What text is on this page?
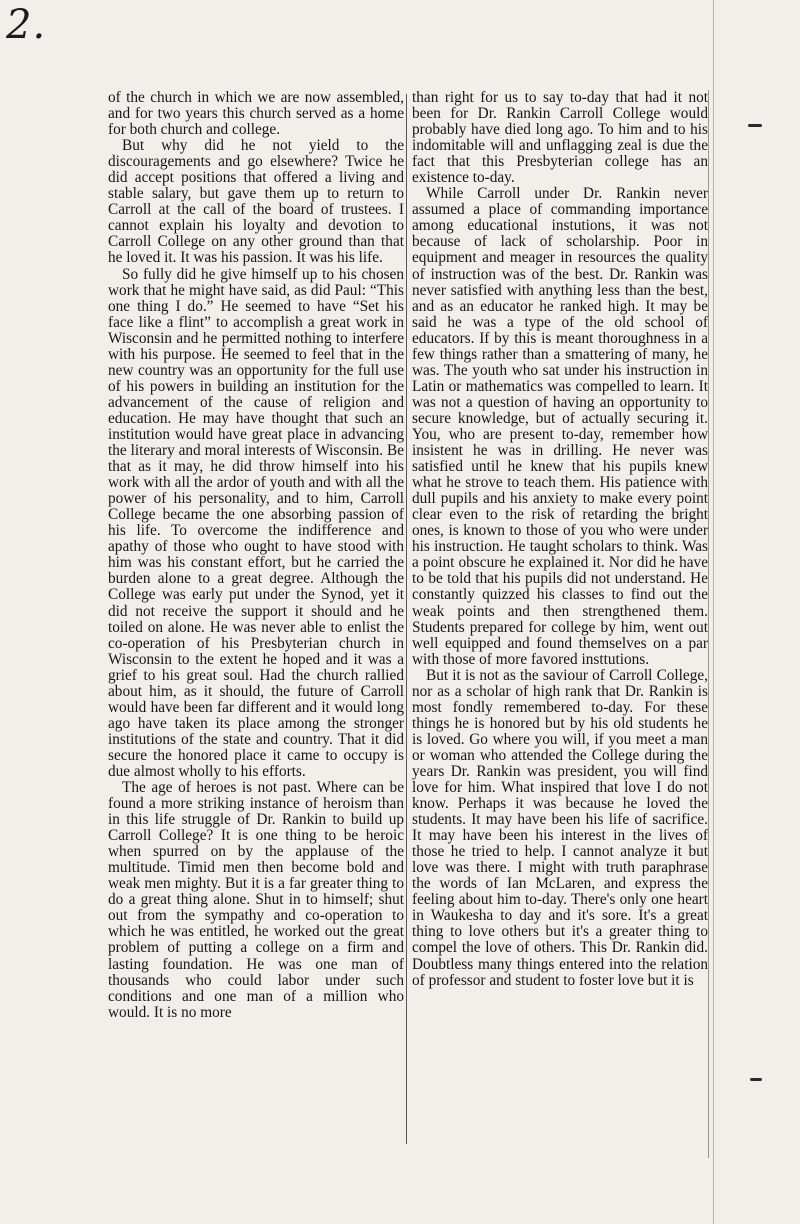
2.

of the church in which we are now assembled, and for two years this church served as a home for both church and college.

But why did he not yield to the discouragements and go elsewhere? Twice he did accept positions that offered a living and stable salary, but gave them up to return to Carroll at the call of the board of trustees. I cannot explain his loyalty and devotion to Carroll College on any other ground than that he loved it. It was his passion. It was his life.

So fully did he give himself up to his chosen work that he might have said, as did Paul: “This one thing I do.” He seemed to have “Set his face like a flint” to accomplish a great work in Wisconsin and he permitted nothing to interfere with his purpose. He seemed to feel that in the new country was an opportunity for the full use of his powers in building an institution for the advancement of the cause of religion and education. He may have thought that such an institution would have great place in advancing the literary and moral interests of Wisconsin. Be that as it may, he did throw himself into his work with all the ardor of youth and with all the power of his personality, and to him, Carroll College became the one absorbing passion of his life. To overcome the indifference and apathy of those who ought to have stood with him was his constant effort, but he carried the burden alone to a great degree. Although the College was early put under the Synod, yet it did not receive the support it should and he toiled on alone. He was never able to enlist the co-operation of his Presbyterian church in Wisconsin to the extent he hoped and it was a grief to his great soul. Had the church rallied about him, as it should, the future of Carroll would have been far different and it would long ago have taken its place among the stronger institutions of the state and country. That it did secure the honored place it came to occupy is due almost wholly to his efforts.

The age of heroes is not past. Where can be found a more striking instance of heroism than in this life struggle of Dr. Rankin to build up Carroll College? It is one thing to be heroic when spurred on by the applause of the multitude. Timid men then become bold and weak men mighty. But it is a far greater thing to do a great thing alone. Shut in to himself; shut out from the sympathy and co-operation to which he was entitled, he worked out the great problem of putting a college on a firm and lasting foundation. He was one man of thousands who could labor under such conditions and one man of a million who would. It is no more

than right for us to say to-day that had it not been for Dr. Rankin Carroll College would probably have died long ago. To him and to his indomitable will and unflagging zeal is due the fact that this Presbyterian college has an existence to-day.

While Carroll under Dr. Rankin never assumed a place of commanding importance among educational instutions, it was not because of lack of scholarship. Poor in equipment and meager in resources the quality of instruction was of the best. Dr. Rankin was never satisfied with anything less than the best, and as an educator he ranked high. It may be said he was a type of the old school of educators. If by this is meant thoroughness in a few things rather than a smattering of many, he was. The youth who sat under his instruction in Latin or mathematics was compelled to learn. It was not a question of having an opportunity to secure knowledge, but of actually securing it. You, who are present to-day, remember how insistent he was in drilling. He never was satisfied until he knew that his pupils knew what he strove to teach them. His patience with dull pupils and his anxiety to make every point clear even to the risk of retarding the bright ones, is known to those of you who were under his instruction. He taught scholars to think. Was a point obscure he explained it. Nor did he have to be told that his pupils did not understand. He constantly quizzed his classes to find out the weak points and then strengthened them. Students prepared for college by him, went out well equipped and found themselves on a par with those of more favored insttutions.

But it is not as the saviour of Carroll College, nor as a scholar of high rank that Dr. Rankin is most fondly remembered to-day. For these things he is honored but by his old students he is loved. Go where you will, if you meet a man or woman who attended the College during the years Dr. Rankin was president, you will find love for him. What inspired that love I do not know. Perhaps it was because he loved the students. It may have been his life of sacrifice. It may have been his interest in the lives of those he tried to help. I cannot analyze it but love was there. I might with truth paraphrase the words of Ian McLaren, and express the feeling about him to-day. There's only one heart in Waukesha to day and it's sore. It's a great thing to love others but it's a greater thing to compel the love of others. This Dr. Rankin did. Doubtless many things entered into the relation of professor and student to foster love but it is
